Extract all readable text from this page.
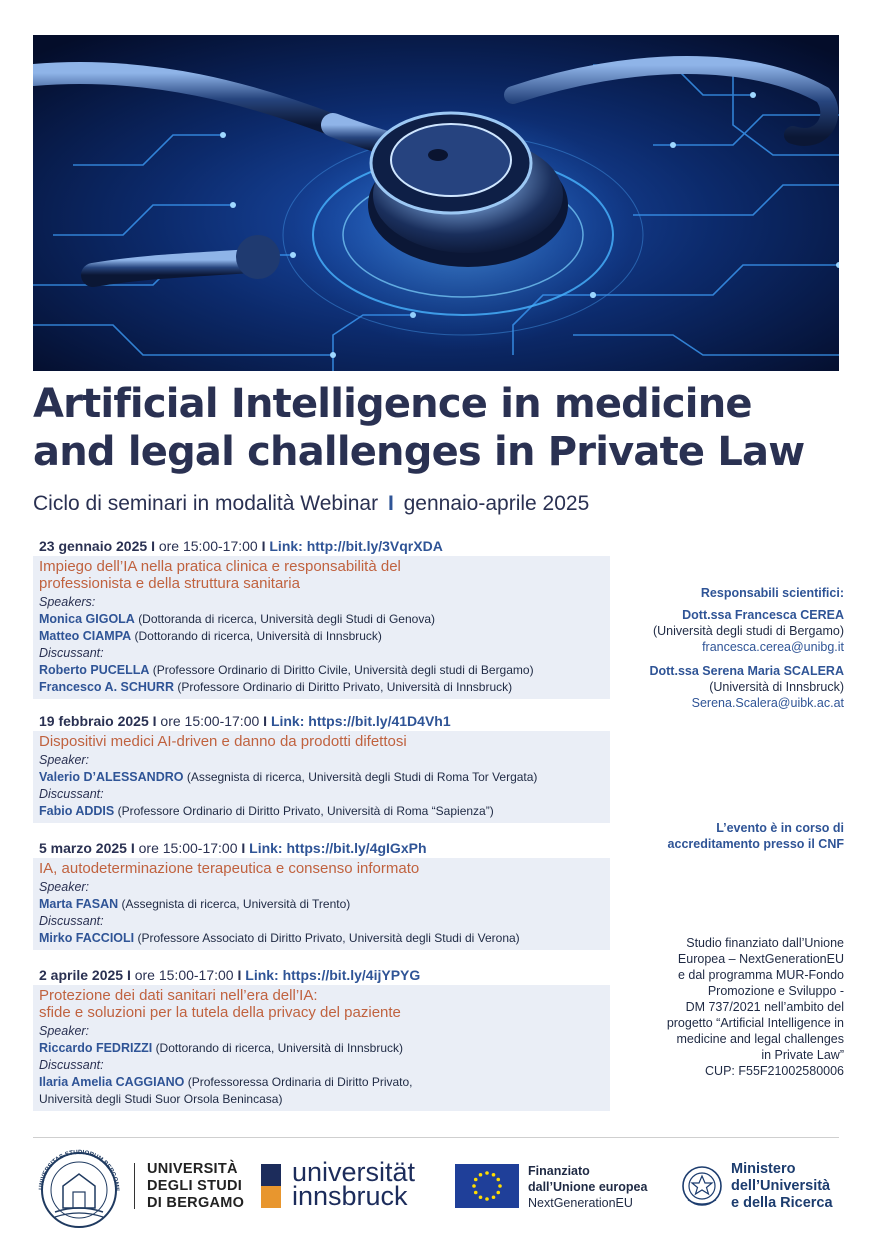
Artificial Intelligence in medicine
and legal challenges in Private Law
Ciclo di seminari in modalità Webinar I gennaio-aprile 2025
23 gennaio 2025 I ore 15:00-17:00 I Link: http://bit.ly/3VqrXDA
Impiego dell’IA nella pratica clinica e responsabilità del
professionista e della struttura sanitaria
Speakers:
Monica GIGOLA (Dottoranda di ricerca, Università degli Studi di Genova)
Matteo CIAMPA (Dottorando di ricerca, Università di Innsbruck)
Discussant:
Roberto PUCELLA (Professore Ordinario di Diritto Civile, Università degli studi di Bergamo)
Francesco A. SCHURR (Professore Ordinario di Diritto Privato, Università di Innsbruck)
19 febbraio 2025 I ore 15:00-17:00 I Link: https://bit.ly/41D4Vh1
Dispositivi medici AI-driven e danno da prodotti difettosi
Speaker:
Valerio D’ALESSANDRO (Assegnista di ricerca, Università degli Studi di Roma Tor Vergata)
Discussant:
Fabio ADDIS (Professore Ordinario di Diritto Privato, Università di Roma “Sapienza”)
5 marzo 2025 I ore 15:00-17:00 I Link: https://bit.ly/4gIGxPh
IA, autodeterminazione terapeutica e consenso informato
Speaker:
Marta FASAN (Assegnista di ricerca, Università di Trento)
Discussant:
Mirko FACCIOLI (Professore Associato di Diritto Privato, Università degli Studi di Verona)
2 aprile 2025 I ore 15:00-17:00 I Link: https://bit.ly/4ijYPYG
Protezione dei dati sanitari nell’era dell’IA:
sfide e soluzioni per la tutela della privacy del paziente
Speaker:
Riccardo FEDRIZZI (Dottorando di ricerca, Università di Innsbruck)
Discussant:
Ilaria Amelia CAGGIANO (Professoressa Ordinaria di Diritto Privato,
Università degli Studi Suor Orsola Benincasa)
Responsabili scientifici:
Dott.ssa Francesca CEREA
(Università degli studi di Bergamo)
francesca.cerea@unibg.it
Dott.ssa Serena Maria SCALERA
(Università di Innsbruck)
Serena.Scalera@uibk.ac.at
L’evento è in corso di
accreditamento presso il CNF
Studio finanziato dall’Unione
Europea – NextGenerationEU
e dal programma MUR-Fondo
Promozione e Sviluppo -
DM 737/2021 nell’ambito del
progetto “Artificial Intelligence in
medicine and legal challenges
in Private Law”
CUP: F55F21002580006
UNIVERSITAS STUDIORUM BERGOME
UNIVERSITÀ
DEGLI STUDI
DI BERGAMO
universität
innsbruck
Finanziato
dall’Unione europea
NextGenerationEU
Ministero
dell’Università
e della Ricerca
